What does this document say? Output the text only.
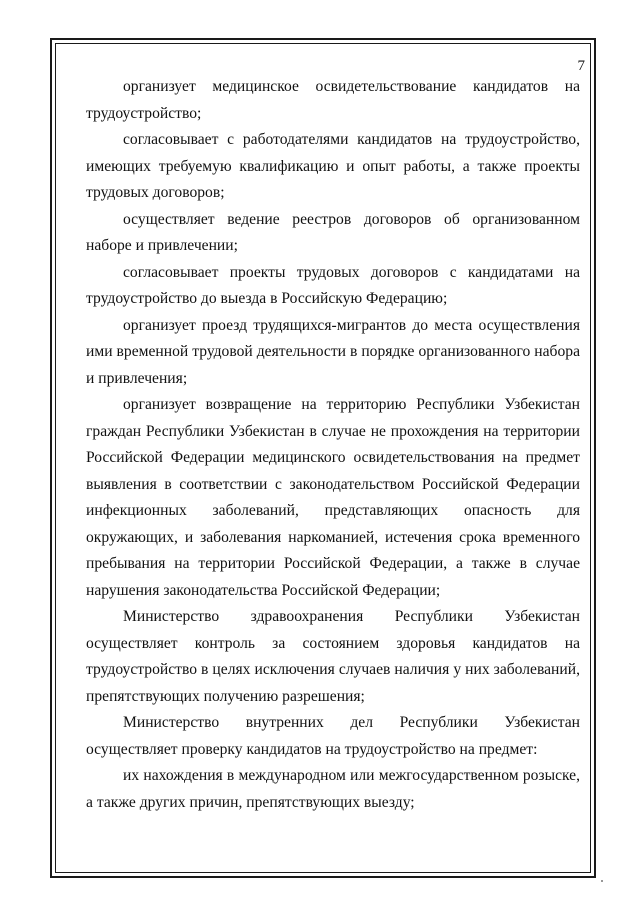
7

организует медицинское освидетельствование кандидатов на трудоустройство;

согласовывает с работодателями кандидатов на трудоустройство, имеющих требуемую квалификацию и опыт работы, а также проекты трудовых договоров;

осуществляет ведение реестров договоров об организованном наборе и привлечении;

согласовывает проекты трудовых договоров с кандидатами на трудоустройство до выезда в Российскую Федерацию;

организует проезд трудящихся-мигрантов до места осуществления ими временной трудовой деятельности в порядке организованного набора и привлечения;

организует возвращение на территорию Республики Узбекистан граждан Республики Узбекистан в случае не прохождения на территории Российской Федерации медицинского освидетельствования на предмет выявления в соответствии с законодательством Российской Федерации инфекционных заболеваний, представляющих опасность для окружающих, и заболевания наркоманией, истечения срока временного пребывания на территории Российской Федерации, а также в случае нарушения законодательства Российской Федерации;

Министерство здравоохранения Республики Узбекистан осуществляет контроль за состоянием здоровья кандидатов на трудоустройство в целях исключения случаев наличия у них заболеваний, препятствующих получению разрешения;

Министерство внутренних дел Республики Узбекистан осуществляет проверку кандидатов на трудоустройство на предмет:

их нахождения в международном или межгосударственном розыске, а также других причин, препятствующих выезду;
